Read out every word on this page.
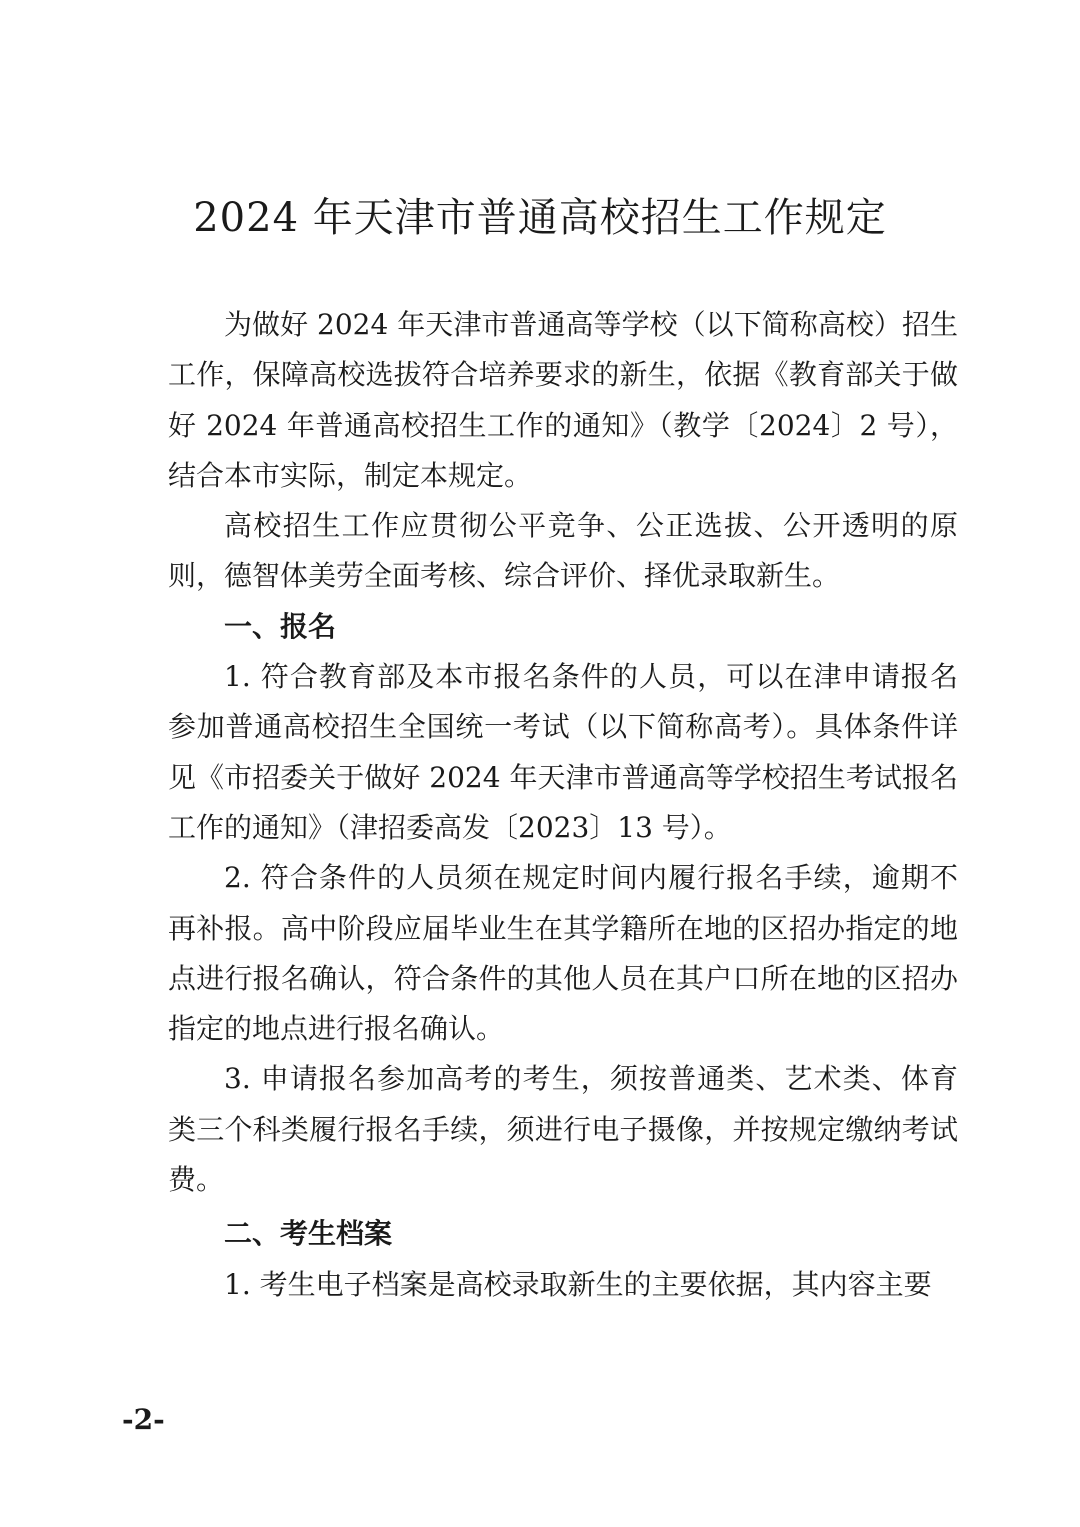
2024 年天津市普通高校招生工作规定

为做好 2024 年天津市普通高等学校（以下简称高校）招生工作，保障高校选拔符合培养要求的新生，依据《教育部关于做好 2024 年普通高校招生工作的通知》（教学〔2024〕2 号），结合本市实际，制定本规定。

高校招生工作应贯彻公平竞争、公正选拔、公开透明的原则，德智体美劳全面考核、综合评价、择优录取新生。

一、报名

1. 符合教育部及本市报名条件的人员，可以在津申请报名参加普通高校招生全国统一考试（以下简称高考）。具体条件详见《市招委关于做好 2024 年天津市普通高等学校招生考试报名工作的通知》（津招委高发〔2023〕13 号）。

2. 符合条件的人员须在规定时间内履行报名手续，逾期不再补报。高中阶段应届毕业生在其学籍所在地的区招办指定的地点进行报名确认，符合条件的其他人员在其户口所在地的区招办指定的地点进行报名确认。

3. 申请报名参加高考的考生，须按普通类、艺术类、体育类三个科类履行报名手续，须进行电子摄像，并按规定缴纳考试费。

二、考生档案

1. 考生电子档案是高校录取新生的主要依据，其内容主要

-2-
